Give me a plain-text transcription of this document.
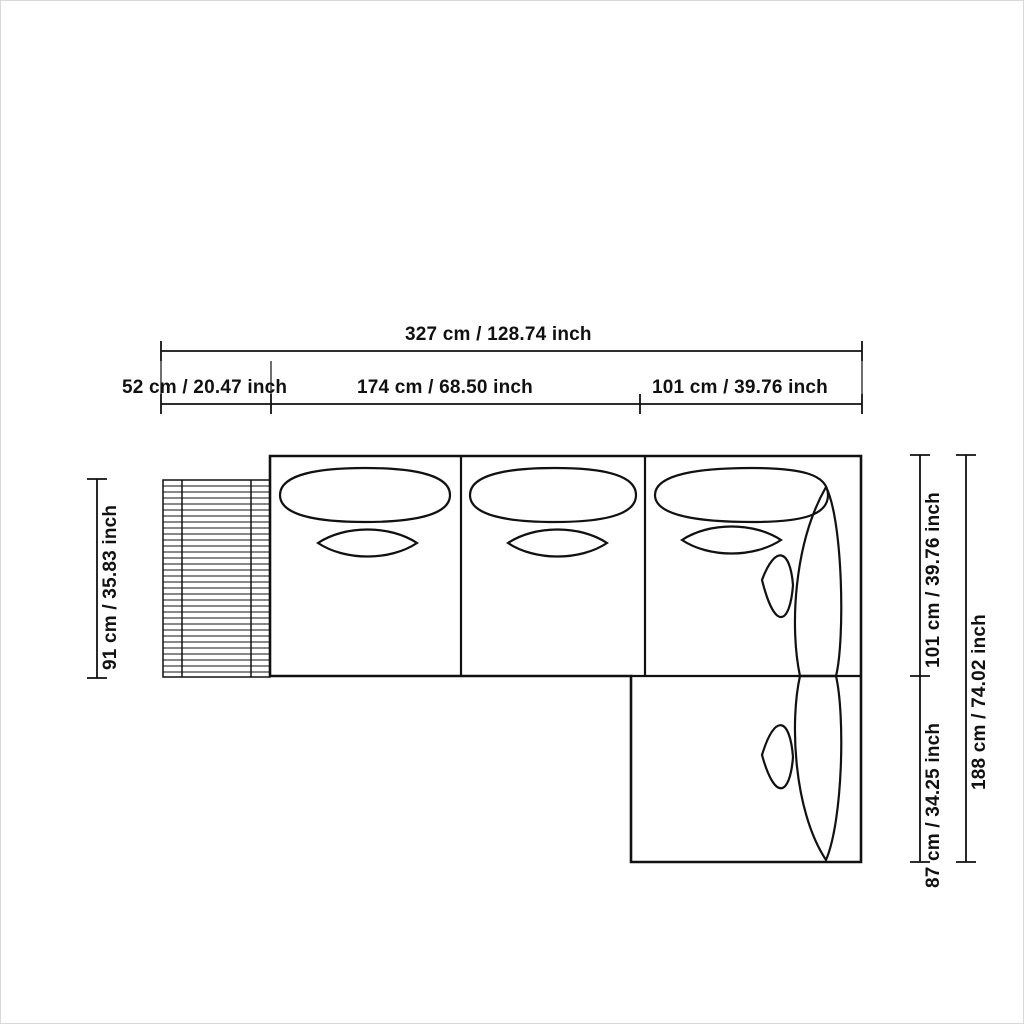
327 cm / 128.74 inch
52 cm / 20.47 inch	174 cm / 68.50 inch	101 cm / 39.76 inch
91 cm / 35.83 inch	101 cm / 39.76 inch
87 cm / 34.25 inch
188 cm / 74.02 inch
